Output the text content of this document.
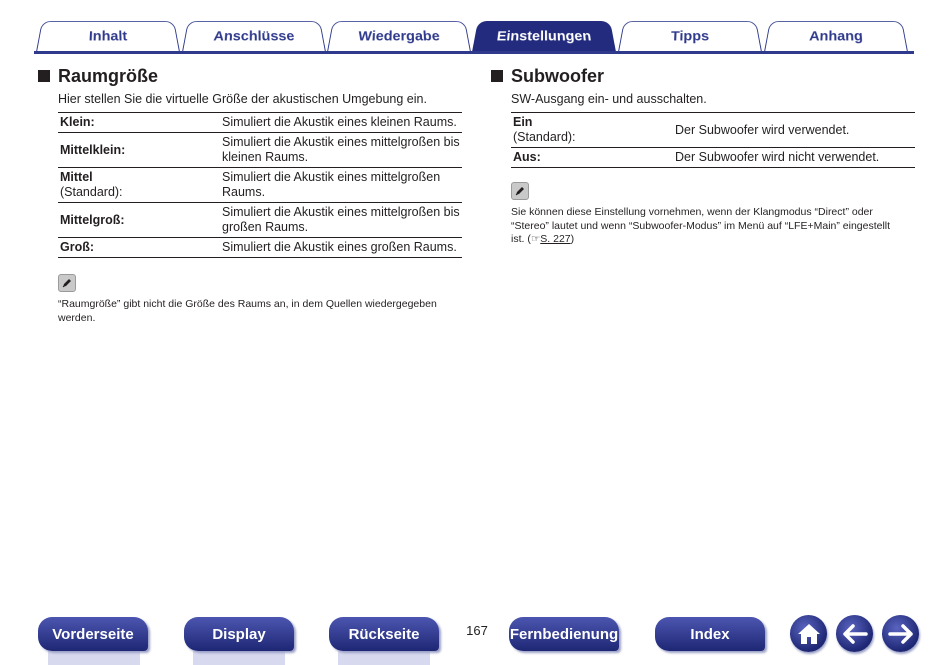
Inhalt	Anschlüsse	Wiedergabe	Einstellungen	Tipps	Anhang
Raumgröße
Hier stellen Sie die virtuelle Größe der akustischen Umgebung ein.
Klein:	Simuliert die Akustik eines kleinen Raums.
Mittelklein:	Simuliert die Akustik eines mittelgroßen bis kleinen Raums.
Mittel
(Standard):	Simuliert die Akustik eines mittelgroßen Raums.
Mittelgroß:	Simuliert die Akustik eines mittelgroßen bis großen Raums.
Groß:	Simuliert die Akustik eines großen Raums.
“Raumgröße” gibt nicht die Größe des Raums an, in dem Quellen wiedergegeben werden.
Subwoofer
SW-Ausgang ein- und ausschalten.
Ein
(Standard):	Der Subwoofer wird verwendet.
Aus:	Der Subwoofer wird nicht verwendet.
Sie können diese Einstellung vornehmen, wenn der Klangmodus “Direct” oder “Stereo” lautet und wenn “Subwoofer-Modus” im Menü auf “LFE+Main” eingestellt ist. (☞S. 227)
Vorderseite	Display	Rückseite	167 Fernbedienung	Index
